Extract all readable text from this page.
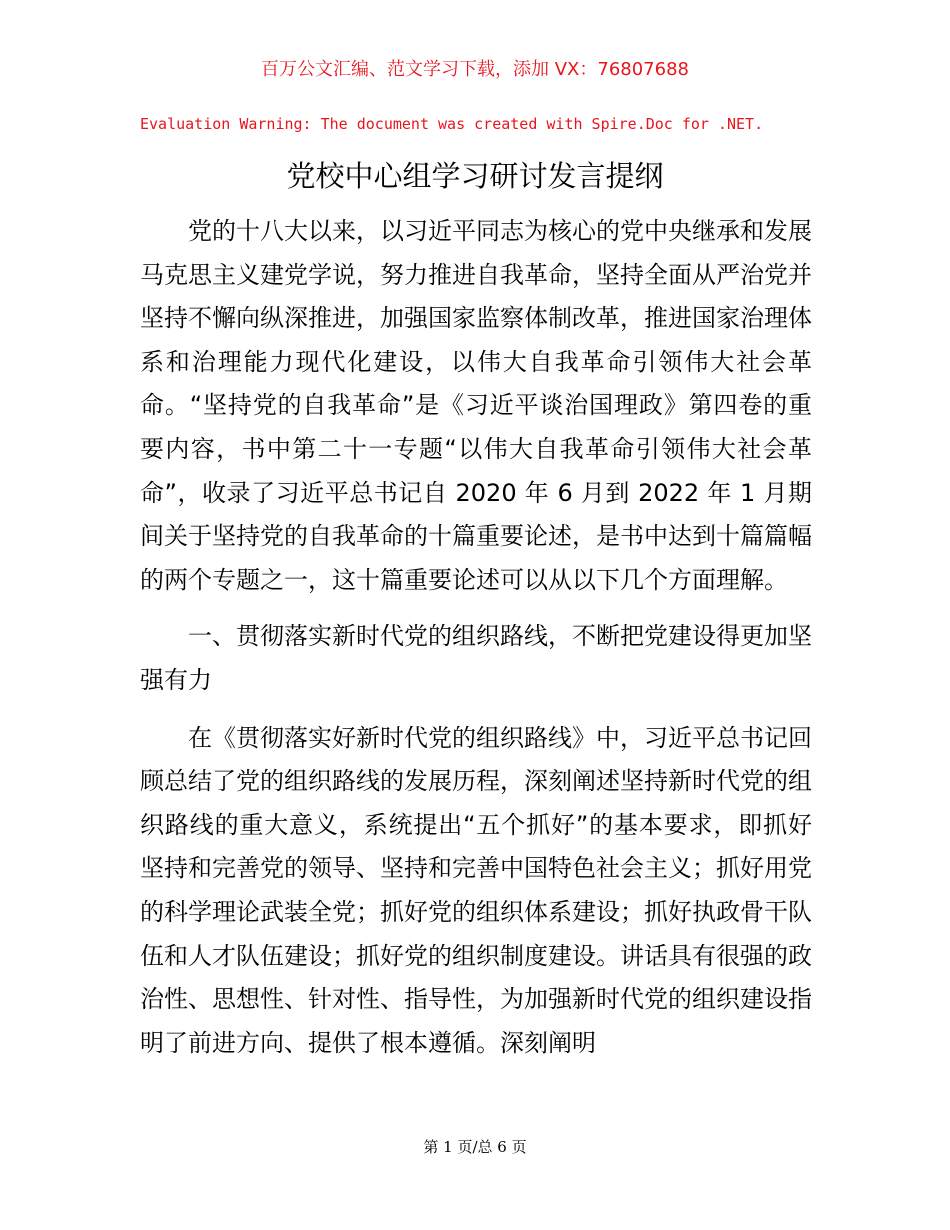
百万公文汇编、范文学习下载，添加 VX：76807688
Evaluation Warning: The document was created with Spire.Doc for .NET.
党校中心组学习研讨发言提纲

党的十八大以来，以习近平同志为核心的党中央继承和发展马克思主义建党学说，努力推进自我革命，坚持全面从严治党并坚持不懈向纵深推进，加强国家监察体制改革，推进国家治理体系和治理能力现代化建设，以伟大自我革命引领伟大社会革命。“坚持党的自我革命”是《习近平谈治国理政》第四卷的重要内容，书中第二十一专题“以伟大自我革命引领伟大社会革命”，收录了习近平总书记自 2020 年 6 月到 2022 年 1 月期间关于坚持党的自我革命的十篇重要论述，是书中达到十篇篇幅的两个专题之一，这十篇重要论述可以从以下几个方面理解。

一、贯彻落实新时代党的组织路线，不断把党建设得更加坚强有力

在《贯彻落实好新时代党的组织路线》中，习近平总书记回顾总结了党的组织路线的发展历程，深刻阐述坚持新时代党的组织路线的重大意义，系统提出“五个抓好”的基本要求，即抓好坚持和完善党的领导、坚持和完善中国特色社会主义；抓好用党的科学理论武装全党；抓好党的组织体系建设；抓好执政骨干队伍和人才队伍建设；抓好党的组织制度建设。讲话具有很强的政治性、思想性、针对性、指导性，为加强新时代党的组织建设指明了前进方向、提供了根本遵循。深刻阐明

第 1 页/总 6 页
